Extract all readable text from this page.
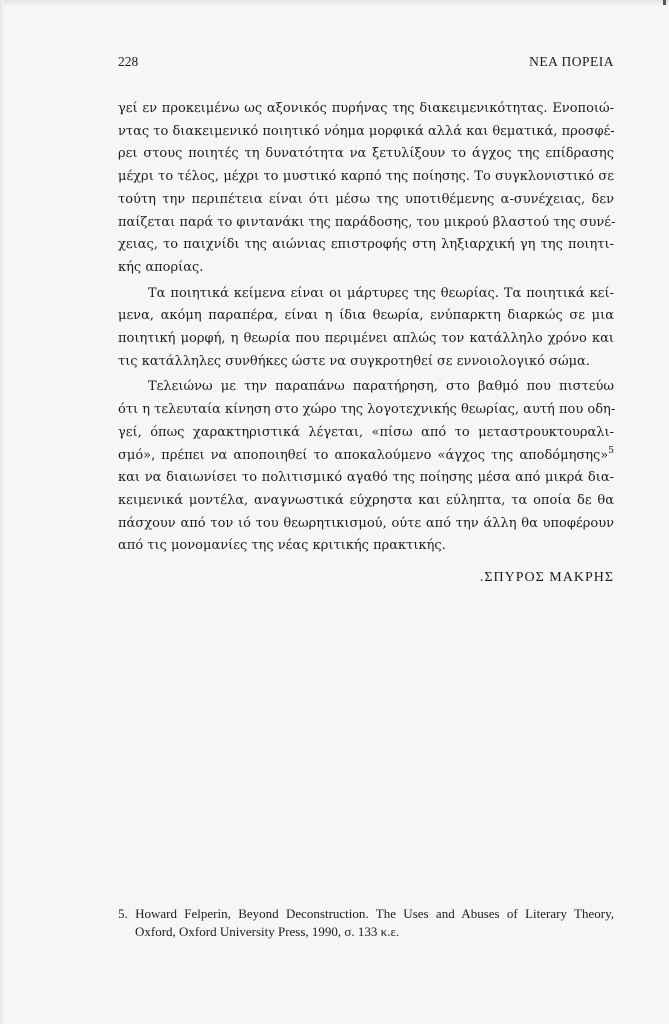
228	ΝΕΑ ΠΟΡΕΙΑ
γεί εν προκειμένω ως αξονικός πυρήνας της διακειμενικότητας. Ενοποιώ-
ντας το διακειμενικό ποιητικό νόημα μορφικά αλλά και θεματικά, προσφέ-
ρει στους ποιητές τη δυνατότητα να ξετυλίξουν το άγχος της επίδρασης
μέχρι το τέλος, μέχρι το μυστικό καρπό της ποίησης. Το συγκλονιστικό σε
τούτη την περιπέτεια είναι ότι μέσω της υποτιθέμενης α-συνέχειας, δεν
παίζεται παρά το φιντανάκι της παράδοσης, του μικρού βλαστού της συνέ-
χειας, το παιχνίδι της αιώνιας επιστροφής στη ληξιαρχική γη της ποιητι-
κής απορίας.
Τα ποιητικά κείμενα είναι οι μάρτυρες της θεωρίας. Τα ποιητικά κεί-
μενα, ακόμη παραπέρα, είναι η ίδια θεωρία, ενύπαρκτη διαρκώς σε μια
ποιητική μορφή, η θεωρία που περιμένει απλώς τον κατάλληλο χρόνο και
τις κατάλληλες συνθήκες ώστε να συγκροτηθεί σε εννοιολογικό σώμα.
Τελειώνω με την παραπάνω παρατήρηση, στο βαθμό που πιστεύω
ότι η τελευταία κίνηση στο χώρο της λογοτεχνικής θεωρίας, αυτή που οδη-
γεί, όπως χαρακτηριστικά λέγεται, «πίσω από το μεταστρουκτουραλι-
σμό», πρέπει να αποποιηθεί το αποκαλούμενο «άγχος της αποδόμησης»$^5$
και να διαιωνίσει το πολιτισμικό αγαθό της ποίησης μέσα από μικρά δια-
κειμενικά μοντέλα, αναγνωστικά εύχρηστα και εύληπτα, τα οποία δε θα
πάσχουν από τον ιό του θεωρητικισμού, ούτε από την άλλη θα υποφέρουν
από τις μονομανίες της νέας κριτικής πρακτικής.
.ΣΠΥΡΟΣ ΜΑΚΡΗΣ
5. Howard Felperin, Beyond Deconstruction. The Uses and Abuses of Literary Theory,
Oxford, Oxford University Press, 1990, σ. 133 κ.ε.
